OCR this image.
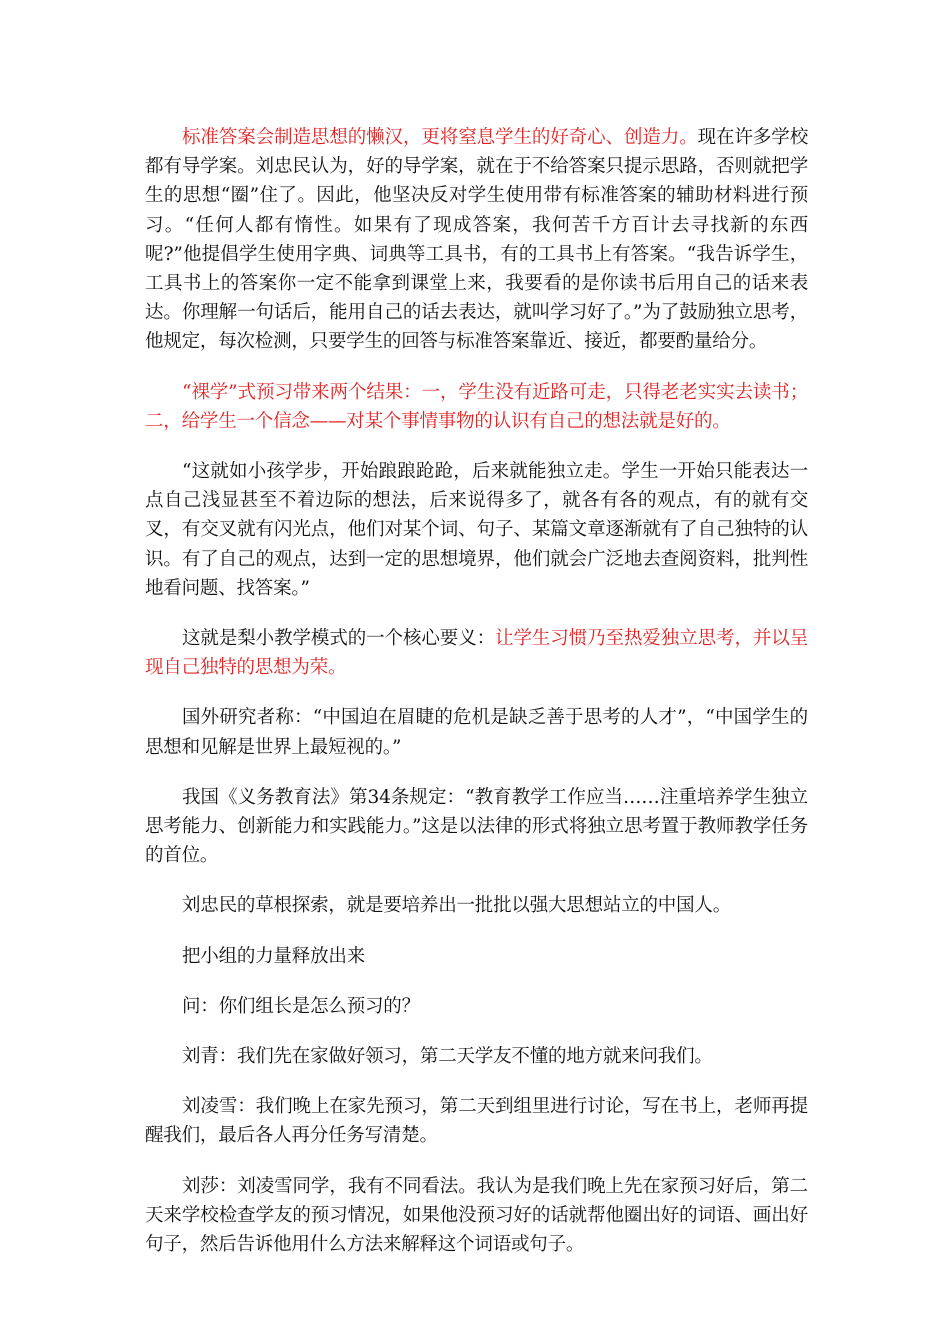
标准答案会制造思想的懒汉，更将窒息学生的好奇心、创造力。现在许多学校都有导学案。刘忠民认为，好的导学案，就在于不给答案只提示思路，否则就把学生的思想“圈”住了。因此，他坚决反对学生使用带有标准答案的辅助材料进行预习。“任何人都有惰性。如果有了现成答案，我何苦千方百计去寻找新的东西呢?”他提倡学生使用字典、词典等工具书，有的工具书上有答案。“我告诉学生，工具书上的答案你一定不能拿到课堂上来，我要看的是你读书后用自己的话来表达。你理解一句话后，能用自己的话去表达，就叫学习好了。”为了鼓励独立思考，他规定，每次检测，只要学生的回答与标准答案靠近、接近，都要酌量给分。

“裸学”式预习带来两个结果：一，学生没有近路可走，只得老老实实去读书；二，给学生一个信念——对某个事情事物的认识有自己的想法就是好的。

“这就如小孩学步，开始踉踉跄跄，后来就能独立走。学生一开始只能表达一点自己浅显甚至不着边际的想法，后来说得多了，就各有各的观点，有的就有交叉，有交叉就有闪光点，他们对某个词、句子、某篇文章逐渐就有了自己独特的认识。有了自己的观点，达到一定的思想境界，他们就会广泛地去查阅资料，批判性地看问题、找答案。”

这就是梨小教学模式的一个核心要义：让学生习惯乃至热爱独立思考，并以呈现自己独特的思想为荣。

国外研究者称：“中国迫在眉睫的危机是缺乏善于思考的人才”，“中国学生的思想和见解是世界上最短视的。”

我国《义务教育法》第34条规定：“教育教学工作应当……注重培养学生独立思考能力、创新能力和实践能力。”这是以法律的形式将独立思考置于教师教学任务的首位。

刘忠民的草根探索，就是要培养出一批批以强大思想站立的中国人。

把小组的力量释放出来

问：你们组长是怎么预习的？

刘青：我们先在家做好领习，第二天学友不懂的地方就来问我们。

刘凌雪：我们晚上在家先预习，第二天到组里进行讨论，写在书上，老师再提醒我们，最后各人再分任务写清楚。

刘莎：刘凌雪同学，我有不同看法。我认为是我们晚上先在家预习好后，第二天来学校检查学友的预习情况，如果他没预习好的话就帮他圈出好的词语、画出好句子，然后告诉他用什么方法来解释这个词语或句子。
